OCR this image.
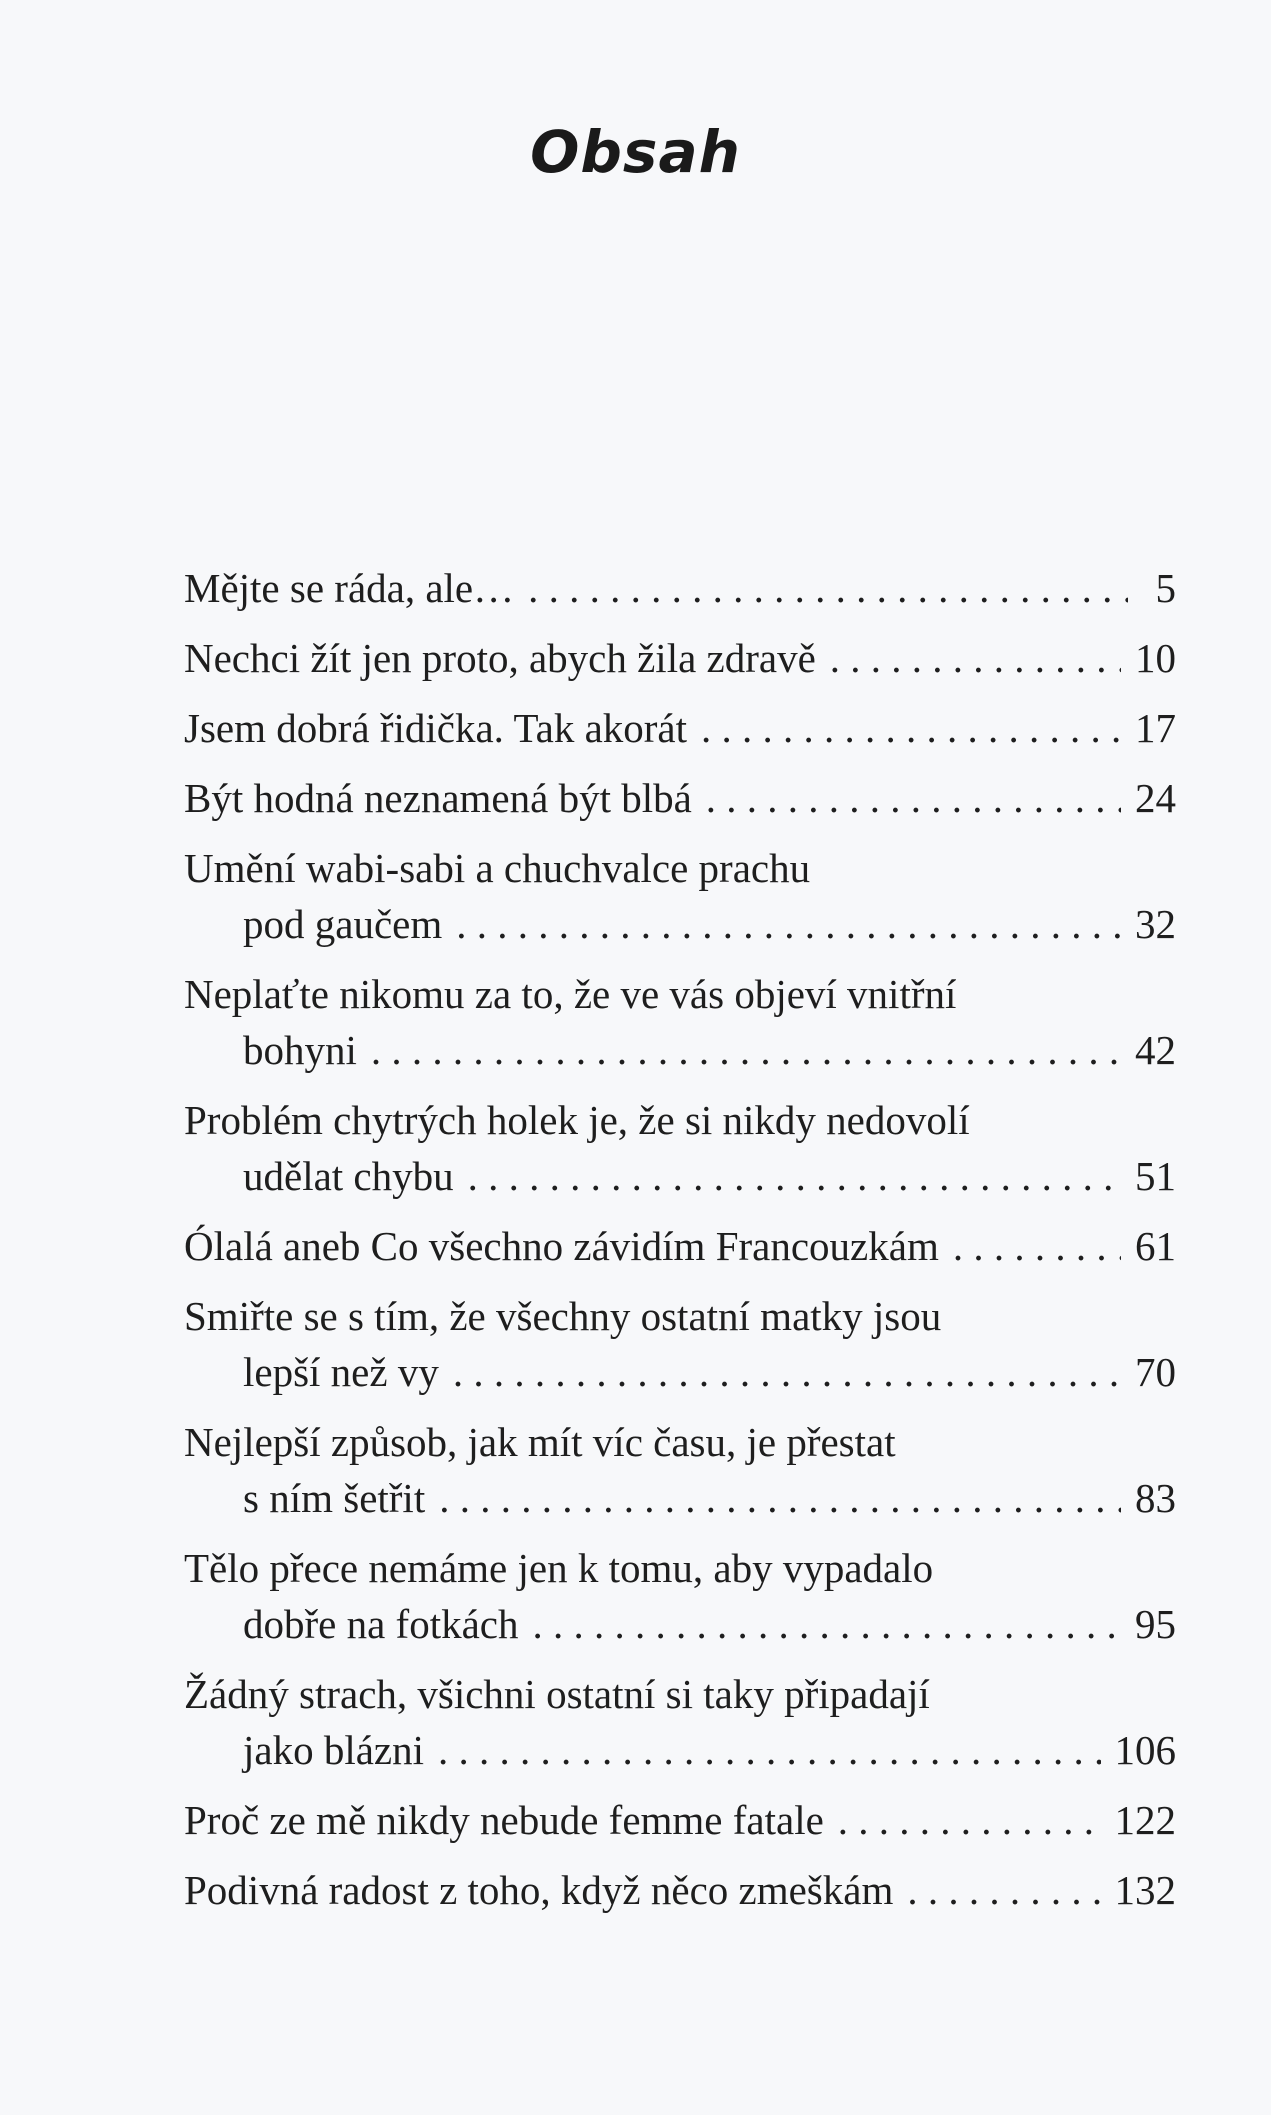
Obsah
Mějte se ráda, ale… . . .	5
Nechci žít jen proto, abych žila zdravě . . .	10
Jsem dobrá řidička. Tak akorát . . .	17
Být hodná neznamená být blbá . . .	24
Umění wabi-sabi a chuchvalce prachu
pod gaučem . . .	32
Neplaťte nikomu za to, že ve vás objeví vnitřní
bohyni . . .	42
Problém chytrých holek je, že si nikdy nedovolí
udělat chybu . . .	51
Ólalá aneb Co všechno závidím Francouzkám . . .	61
Smiřte se s tím, že všechny ostatní matky jsou
lepší než vy . . .	70
Nejlepší způsob, jak mít víc času, je přestat
s ním šetřit . . .	83
Tělo přece nemáme jen k tomu, aby vypadalo
dobře na fotkách . . .	95
Žádný strach, všichni ostatní si taky připadají
jako blázni . . .	106
Proč ze mě nikdy nebude femme fatale . . .	122
Podivná radost z toho, když něco zmeškám . . .	132
